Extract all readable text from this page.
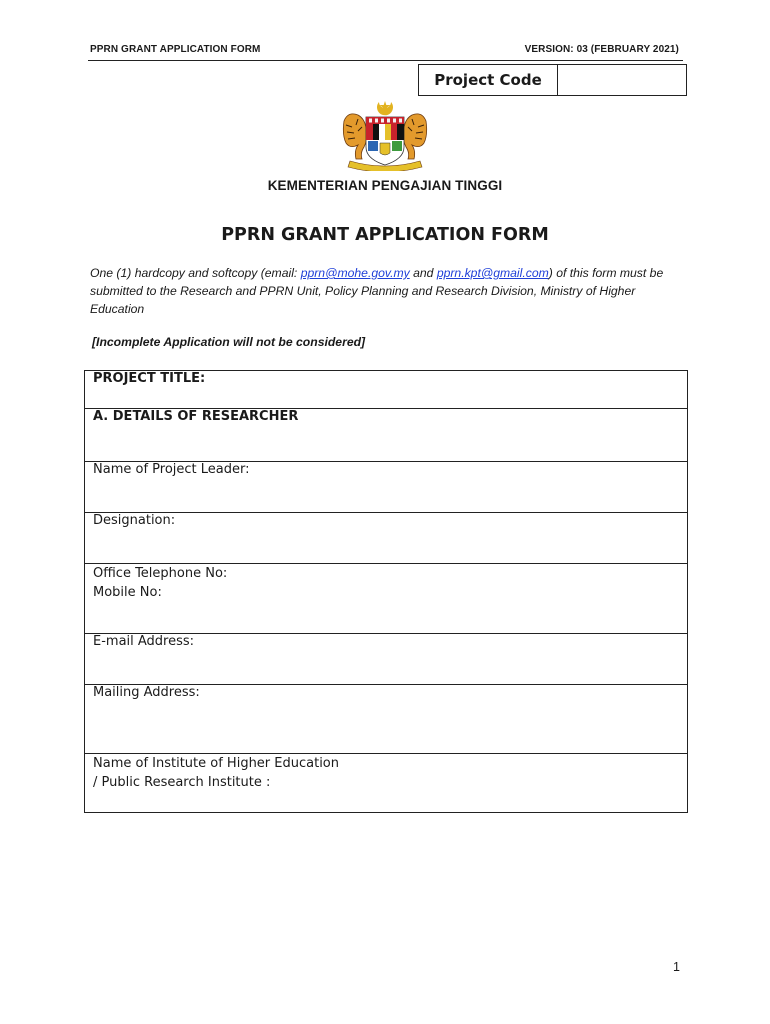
PPRN GRANT APPLICATION FORM	VERSION: 03 (FEBRUARY 2021)
Project Code
KEMENTERIAN PENGAJIAN TINGGI
PPRN GRANT APPLICATION FORM
One (1) hardcopy and softcopy (email: pprn@mohe.gov.my and pprn.kpt@gmail.com) of this form must be submitted to the Research and PPRN Unit, Policy Planning and Research Division, Ministry of Higher Education
[Incomplete Application will not be considered]
PROJECT TITLE:
A. DETAILS OF RESEARCHER
Name of Project Leader:
Designation:

Office Telephone No:
Mobile No:

E-mail Address:
Mailing Address:

Name of Institute of Higher Education
/ Public Research Institute :
1
